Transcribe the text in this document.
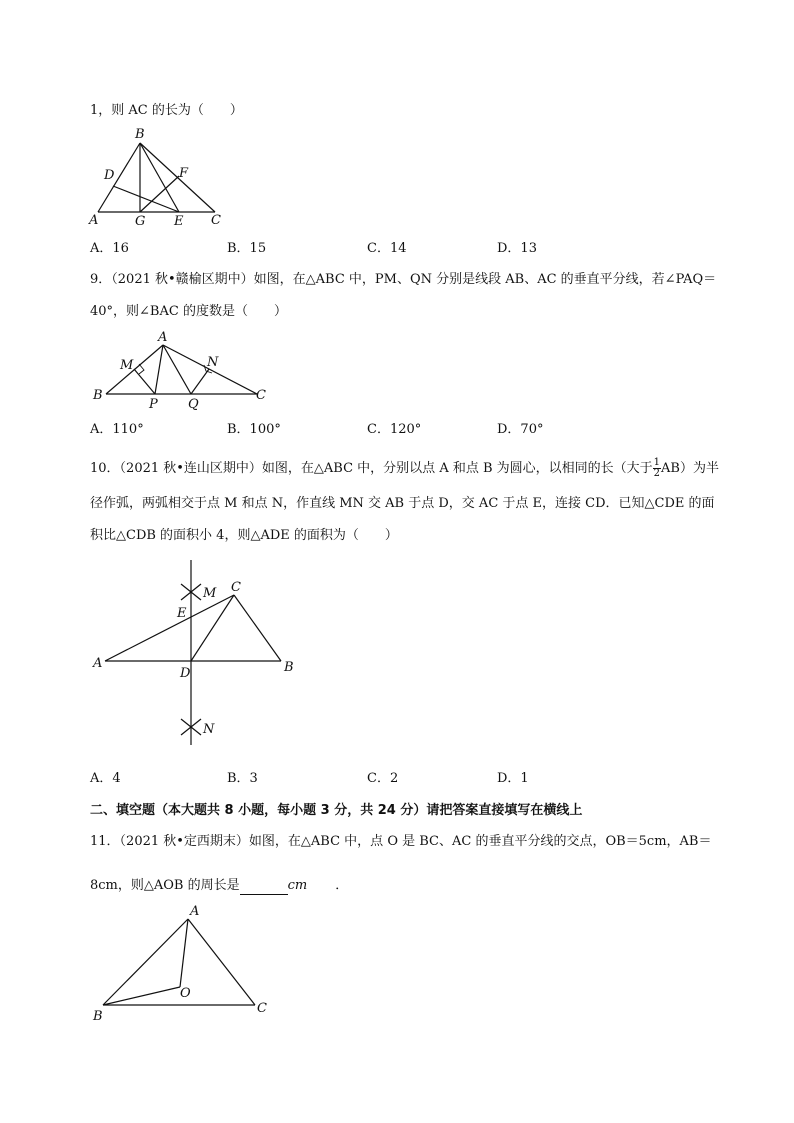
1，则 AC 的长为（　　）
B
D	F
A	G E C
A．16	B．15	C．14	D．13
9．（2021 秋•赣榆区期中）如图，在△ABC 中，PM、QN 分别是线段 AB、AC 的垂直平分线，若∠PAQ＝
40°，则∠BAC 的度数是（　　）
A
M	N
B
P Q
C
A．110°	B．100°	C．120°	D．70°
10．（2021 秋•连山区期中）如图，在△ABC 中，分别以点 A 和点 B 为圆心，以相同的长（大于 $\frac{1}{2} AB$）为半
径作弧，两弧相交于点 M 和点 N，作直线 MN 交 AB 于点 D，交 AC 于点 E，连接 CD．已知△CDE 的面
积比△CDB 的面积小 4，则△ADE 的面积为（　　）
M
E
C
A
D	B
N
A．4	B．3	C．2	D．1
二、填空题（本大题共 8 小题，每小题 3 分，共 24 分）请把答案直接填写在横线上
11．（2021 秋•定西期末）如图，在△ABC 中，点 O 是 BC、AC 的垂直平分线的交点，OB＝5cm，AB＝
8cm，则△AOB 的周长是	cm ．
A
O
B
C
